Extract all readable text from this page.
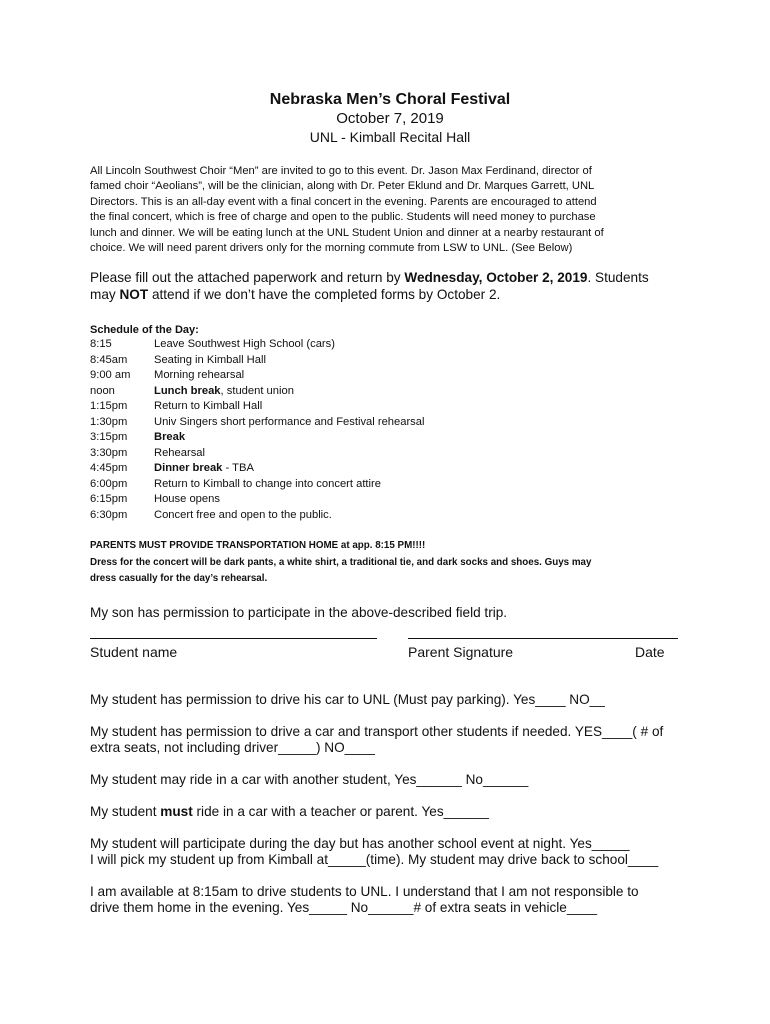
Nebraska Men’s Choral Festival

October 7, 2019

UNL - Kimball Recital Hall

All Lincoln Southwest Choir “Men” are invited to go to this event. Dr. Jason Max Ferdinand, director of
famed choir “Aeolians”, will be the clinician, along with Dr. Peter Eklund and Dr. Marques Garrett, UNL
Directors. This is an all-day event with a final concert in the evening. Parents are encouraged to attend
the final concert, which is free of charge and open to the public. Students will need money to purchase
lunch and dinner. We will be eating lunch at the UNL Student Union and dinner at a nearby restaurant of
choice. We will need parent drivers only for the morning commute from LSW to UNL. (See Below)
Please fill out the attached paperwork and return by Wednesday, October 2, 2019. Students
may NOT attend if we don’t have the completed forms by October 2.
Schedule of the Day:
8:15	Leave Southwest High School (cars)
8:45am	Seating in Kimball Hall
9:00 am	Morning rehearsal
noon	Lunch break, student union
1:15pm	Return to Kimball Hall
1:30pm	Univ Singers short performance and Festival rehearsal
3:15pm	Break
3:30pm	Rehearsal
4:45pm	Dinner break - TBA
6:00pm	Return to Kimball to change into concert attire
6:15pm	House opens
6:30pm	Concert free and open to the public.
PARENTS MUST PROVIDE TRANSPORTATION HOME at app. 8:15 PM!!!!
Dress for the concert will be dark pants, a white shirt, a traditional tie, and dark socks and shoes. Guys may
dress casually for the day’s rehearsal.
My son has permission to participate in the above-described field trip.
Student name	Parent Signature	Date
My student has permission to drive his car to UNL (Must pay parking). Yes____ NO__
My student has permission to drive a car and transport other students if needed. YES____( # of
extra seats, not including driver_____) NO____
My student may ride in a car with another student, Yes______ No______
My student must ride in a car with a teacher or parent. Yes______
My student will participate during the day but has another school event at night. Yes_____
I will pick my student up from Kimball at_____(time). My student may drive back to school____
I am available at 8:15am to drive students to UNL. I understand that I am not responsible to
drive them home in the evening. Yes_____ No______# of extra seats in vehicle____
